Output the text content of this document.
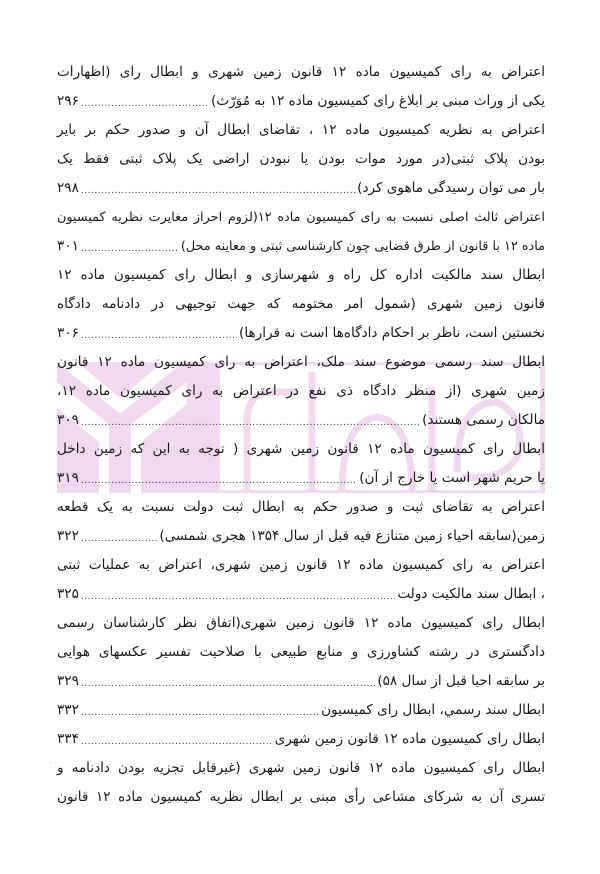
اعتراض به رای کمیسیون ماده ۱۲ قانون زمین شهری و ابطال رای (اظهارات
یکی از وراث مبنی بر ابلاغ رای کمیسیون ماده ۱۲ به مُوَرّث)
.....
۲۹۶
اعتراض به نظریه کمیسیون ماده ۱۲ ، تقاضای ابطال آن و صدور حکم بر بایر
بودن پلاک ثبتی(در مورد موات بودن یا نبودن اراضی یک پلاک ثبتی فقط یک
بار می توان رسیدگی ماهوی کرد)
.....
۲۹۸
اعتراض ثالث اصلی نسبت به رای کمیسیون ماده ۱۲(لزوم احراز مغایرت نظریه کمیسیون
ماده ۱۲ با قانون از طرق قضایی چون کارشناسی ثبتی و معاینه محل)
.....
۳۰۱
ابطال سند مالکیت اداره کل راه و شهرسازی و ابطال رای کمیسیون ماده ۱۲
قانون زمین شهری (شمول امر مختومه که جهت توجیهی در دادنامه دادگاه
نخستین است، ناظر بر احکام دادگاه‌ها است نه قرارها)
.....
۳۰۶
ابطال سند رسمی موضوع سند ملک، اعتراض به رای کمیسیون ماده ۱۲ قانون
زمین شهری (از منظر دادگاه ذی نفع در اعتراض به رای کمیسیون ماده ۱۲،
مالکان رسمی هستند)
.....
۳۰۹
ابطال رای کمیسیون ماده ۱۲ قانون زمین شهری ( توجه به این که زمین داخل
یا حریم شهر است یا خارج از آن)
.....
۳۱۹
اعتراض به تقاضای ثبت و صدور حکم به ابطال ثبت دولت نسبت به یک قطعه
زمین(سابقه احیاء زمین متنازع فیه قبل از سال ۱۳۵۴ هجری شمسی)
.....
۳۲۲
اعتراض به رای کمیسیون ماده ۱۲ قانون زمین شهری، اعتراض به عملیات ثبتی
، ابطال سند مالکیت دولت
.....
۳۲۵
ابطال رای کمیسیون ماده ۱۲ قانون زمین شهری(اتفاق نظر کارشناسان رسمی
دادگستری در رشته کشاورزی و منابع طبیعی با صلاحیت تفسیر عکسهای هوایی
بر سابقه احیا قبل از سال ۵۸)
.....
۳۲۹
ابطال سند رسمي، ابطال رای کمیسیون
.....
۳۳۲
ابطال رای کمیسیون ماده ۱۲ قانون زمین شهری
.....
۳۳۴
ابطال رای کمیسیون ماده ۱۲ قانون زمین شهری (غیرقابل تجزیه بودن دادنامه و
تسری آن به شرکای مشاعی رأی مبنی بر ابطال نظریه کمیسیون ماده ۱۲ قانون
